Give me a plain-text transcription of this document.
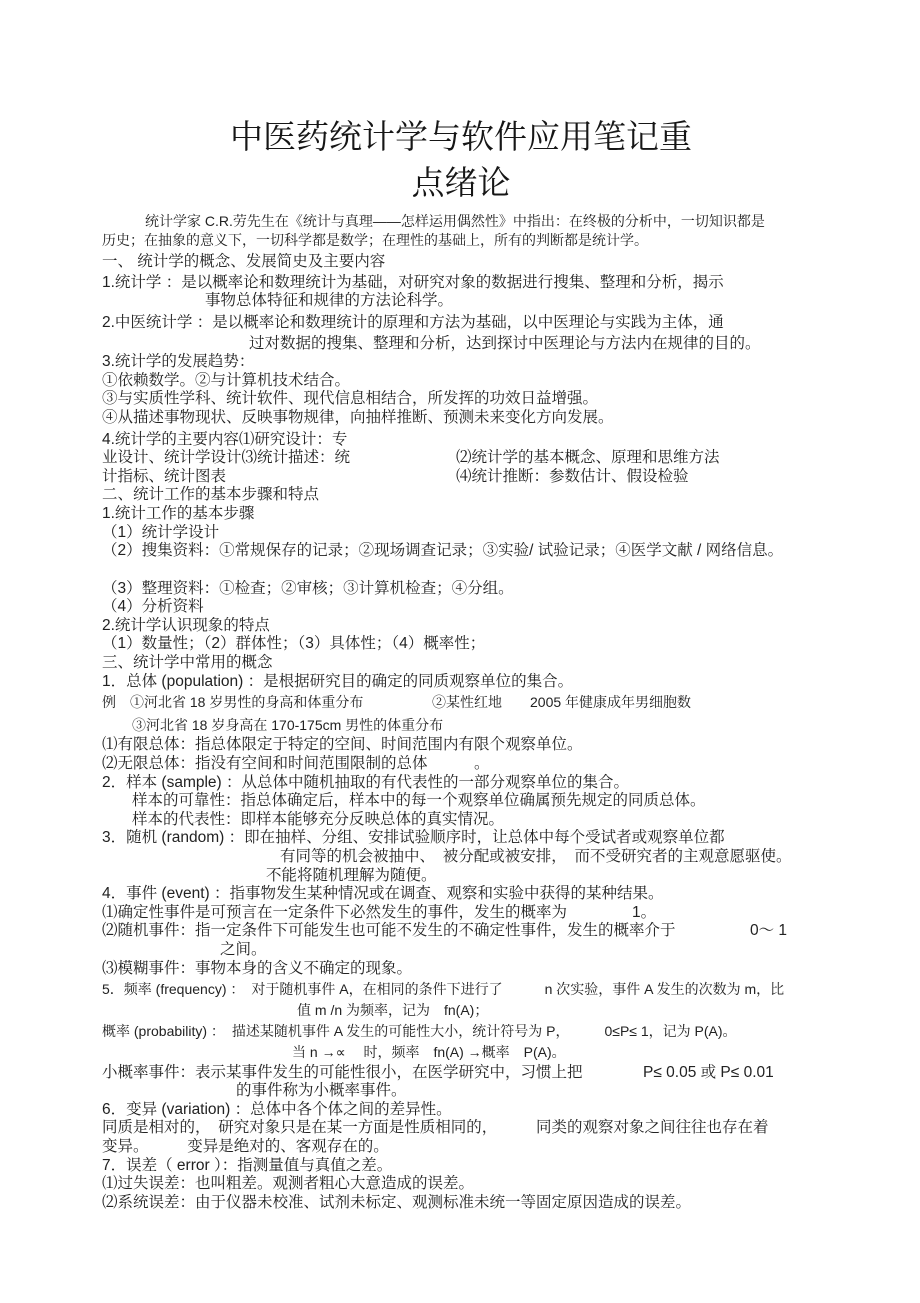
中医药统计学与软件应用笔记重
点绪论
统计学家 C.R.劳先生在《统计与真理——怎样运用偶然性》中指出：在终极的分析中，一切知识都是
历史；在抽象的意义下，一切科学都是数学；在理性的基础上，所有的判断都是统计学。
一、 统计学的概念、发展简史及主要内容
1.统计学 ：是以概率论和数理统计为基础，对研究对象的数据进行搜集、整理和分析，揭示
事物总体特征和规律的方法论科学。
2.中医统计学 ：是以概率论和数理统计的原理和方法为基础，以中医理论与实践为主体，通
过对数据的搜集、整理和分析，达到探讨中医理论与方法内在规律的目的。
3.统计学的发展趋势：
①依赖数学。②与计算机技术结合。
③与实质性学科、统计软件、现代信息相结合，所发挥的功效日益增强。
④从描述事物现状、反映事物规律，向抽样推断、预测未来变化方向发展。
4.统计学的主要内容⑴研究设计：专
业设计、统计学设计⑶统计描述：统	⑵统计学的基本概念、原理和思维方法
计指标、统计图表	⑷统计推断：参数估计、假设检验
二、统计工作的基本步骤和特点
1.统计工作的基本步骤
（1）统计学设计
（2）搜集资料：①常规保存的记录；②现场调查记录；③实验/ 试验记录；④医学文献 / 网络信息。
（3）整理资料：①检查；②审核；③计算机检查；④分组。
（4）分析资料
2.统计学认识现象的特点
（1）数量性；（2）群体性；（3）具体性；（4）概率性；
三、统计学中常用的概念
1．总体 (population) ：是根据研究目的确定的同质观察单位的集合。
例　①河北省 18 岁男性的身高和体重分布	②某性红地　　2005 年健康成年男细胞数
③河北省 18 岁身高在 170-175cm 男性的体重分布
⑴有限总体：指总体限定于特定的空间、时间范围内有限个观察单位。
⑵无限总体：指没有空间和时间范围限制的总体　　　。
2．样本 (sample) ：从总体中随机抽取的有代表性的一部分观察单位的集合。
样本的可靠性：指总体确定后，样本中的每一个观察单位确属预先规定的同质总体。
样本的代表性：即样本能够充分反映总体的真实情况。
3．随机 (random) ：即在抽样、分组、安排试验顺序时，让总体中每个受试者或观察单位都
有同等的机会被抽中、　被分配或被安排，　而不受研究者的主观意愿驱使。
不能将随机理解为随便。
4．事件 (event) ：指事物发生某种情况或在调查、观察和实验中获得的某种结果。
⑴确定性事件是可预言在一定条件下必然发生的事件，发生的概率为	1。
⑵随机事件：指一定条件下可能发生也可能不发生的不确定性事件，发生的概率介于	0～ 1
之间。
⑶模糊事件：事物本身的含义不确定的现象。
5．频率 (frequency) ：　对于随机事件 A，在相同的条件下进行了　　　n 次实验，事件 A 发生的次数为 m，比
值 m /n 为频率，记为　fn(A)；
概率 (probability) ：　描述某随机事件 A 发生的可能性大小，统计符号为 P，　　　0≤P≤ 1，记为 P(A)。
当 n →∝　 时，频率　fn(A) →概率　P(A)。
小概率事件：表示某事件发生的可能性很小，在医学研究中，习惯上把	P≤ 0.05 或 P≤ 0.01
的事件称为小概率事件。
6．变异 (variation) ：总体中各个体之间的差异性。
同质是相对的，　研究对象只是在某一方面是性质相同的，　　　同类的观察对象之间往往也存在着
变异。　　　变异是绝对的、客观存在的。
7．误差（ error ）：指测量值与真值之差。
⑴过失误差：也叫粗差。观测者粗心大意造成的误差。
⑵系统误差：由于仪器未校准、试剂未标定、观测标准未统一等固定原因造成的误差。
